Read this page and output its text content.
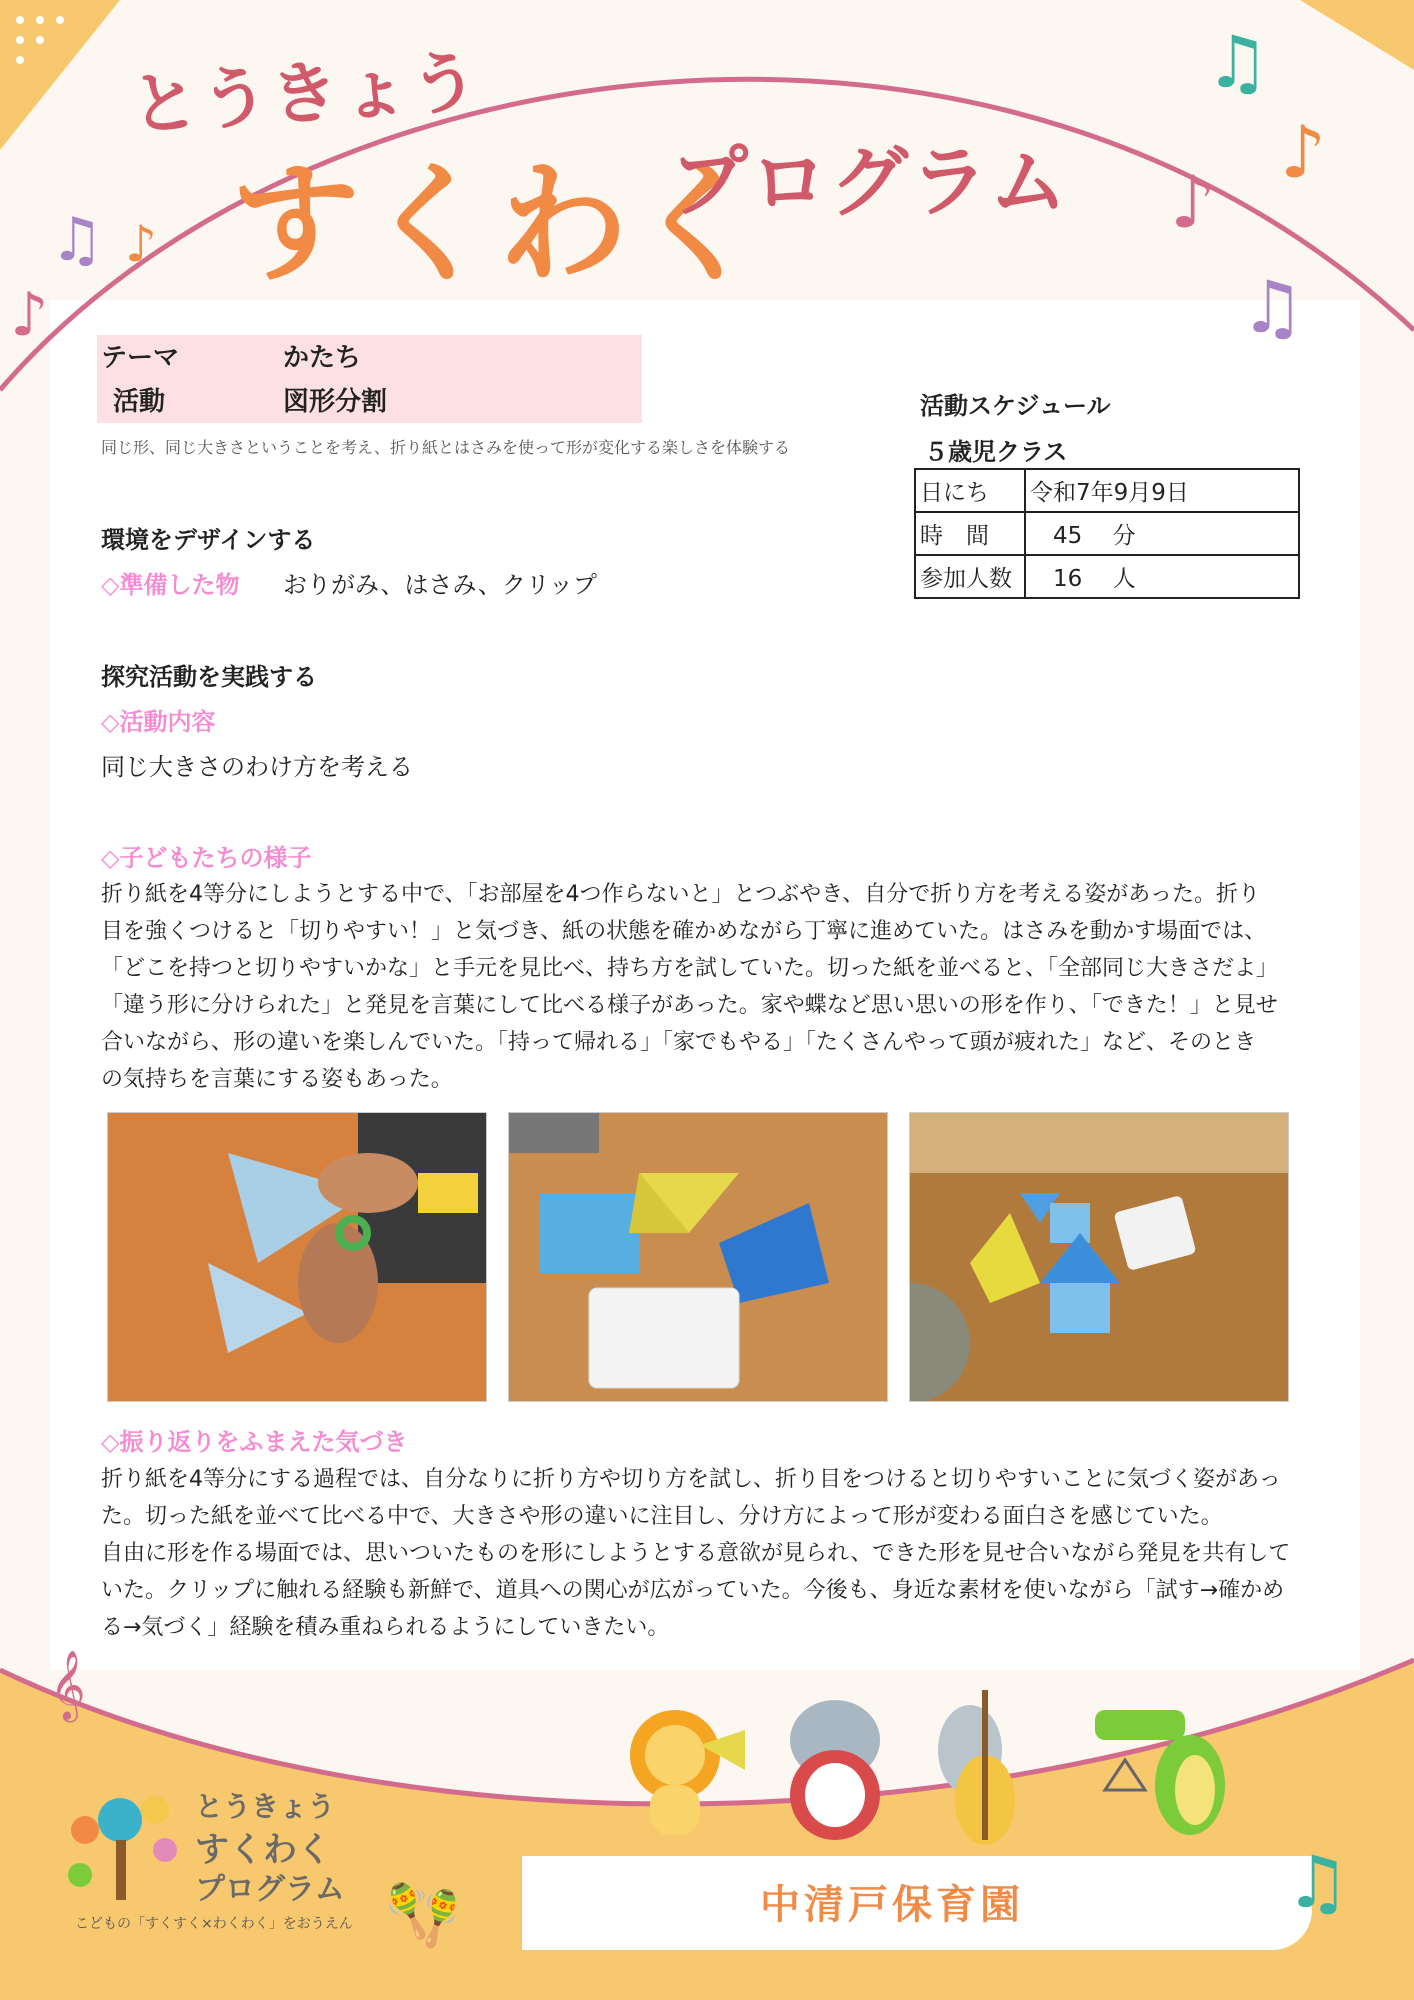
♫
♪
♪
♫
♫ ♪
♪
とうきょう
すくわく
プログラム
テーマ	かたち
活動	図形分割
同じ形、同じ大きさということを考え、折り紙とはさみを使って形が変化する楽しさを体験する
活動スケジュール
５歳児クラス
日にち	令和7年9月9日
時　間	　45　 分
参加人数	　16　 人
環境をデザインする
◇準備した物 おりがみ、はさみ、クリップ
探究活動を実践する
◇活動内容
同じ大きさのわけ方を考える
◇子どもたちの様子
折り紙を4等分にしようとする中で、「お部屋を4つ作らないと」とつぶやき、自分で折り方を考える姿があった。折り
目を強くつけると「切りやすい！」と気づき、紙の状態を確かめながら丁寧に進めていた。はさみを動かす場面では、
「どこを持つと切りやすいかな」と手元を見比べ、持ち方を試していた。切った紙を並べると、「全部同じ大きさだよ」
「違う形に分けられた」と発見を言葉にして比べる様子があった。家や蝶など思い思いの形を作り、「できた！」と見せ
合いながら、形の違いを楽しんでいた。「持って帰れる」「家でもやる」「たくさんやって頭が疲れた」など、そのとき
の気持ちを言葉にする姿もあった。
◇振り返りをふまえた気づき
折り紙を4等分にする過程では、自分なりに折り方や切り方を試し、折り目をつけると切りやすいことに気づく姿があっ
た。切った紙を並べて比べる中で、大きさや形の違いに注目し、分け方によって形が変わる面白さを感じていた。
自由に形を作る場面では、思いついたものを形にしようとする意欲が見られ、できた形を見せ合いながら発見を共有して
いた。クリップに触れる経験も新鮮で、道具への関心が広がっていた。今後も、身近な素材を使いながら「試す→確かめ
る→気づく」経験を積み重ねられるようにしていきたい。
𝄞
とうきょう
すくわく
プログラム
こどもの「すくすく×わくわく」をおうえん 🪇	中清戸保育園	♫
